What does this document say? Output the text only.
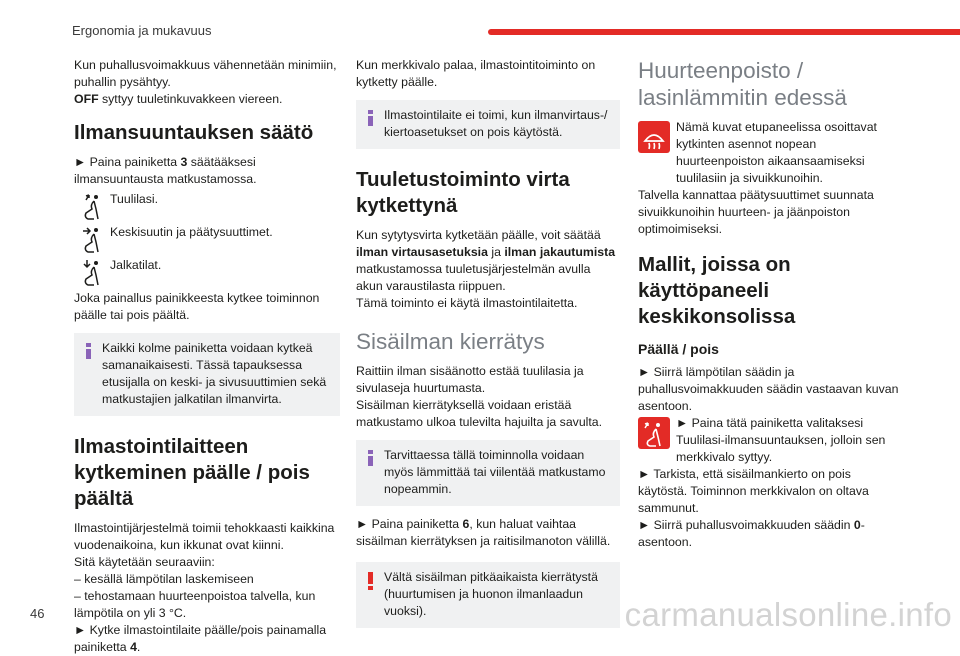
Ergonomia ja mukavuus

Kun puhallusvoimakkuus vähennetään minimiin, puhallin pysähtyy.

OFF syttyy tuuletinkuvakkeen viereen.

Ilmansuuntauksen säätö

► Paina painiketta 3 säätääksesi ilmansuuntausta matkustamossa.

Tuulilasi.
Keskisuutin ja päätysuuttimet.
Jalkatilat.

Joka painallus painikkeesta kytkee toiminnon päälle tai pois päältä.

Kaikki kolme painiketta voidaan kytkeä samanaikaisesti. Tässä tapauksessa etusijalla on keski- ja sivusuuttimien sekä matkustajien jalkatilan ilmanvirta.
Ilmastointilaitteen kytkeminen päälle / pois päältä

Ilmastointijärjestelmä toimii tehokkaasti kaikkina vuodenaikoina, kun ikkunat ovat kiinni.

Sitä käytetään seuraaviin:

– kesällä lämpötilan laskemiseen

– tehostamaan huurteenpoistoa talvella, kun lämpötila on yli 3 °C.

► Kytke ilmastointilaite päälle/pois painamalla painiketta 4.

Kun merkkivalo palaa, ilmastointitoiminto on kytketty päälle.

Ilmastointilaite ei toimi, kun ilmanvirtaus-/ kiertoasetukset on pois käytöstä.
Tuuletustoiminto virta kytkettynä

Kun sytytysvirta kytketään päälle, voit säätää ilman virtausasetuksia ja ilman jakautumista matkustamossa tuuletusjärjestelmän avulla akun varaustilasta riippuen.

Tämä toiminto ei käytä ilmastointilaitetta.

Sisäilman kierrätys

Raittiin ilman sisäänotto estää tuulilasia ja sivulaseja huurtumasta.

Sisäilman kierrätyksellä voidaan eristää matkustamo ulkoa tulevilta hajuilta ja savulta.

Tarvittaessa tällä toiminnolla voidaan myös lämmittää tai viilentää matkustamo nopeammin.

► Paina painiketta 6, kun haluat vaihtaa sisäilman kierrätyksen ja raitisilmanoton välillä.

Vältä sisäilman pitkäaikaista kierrätystä (huurtumisen ja huonon ilmanlaadun vuoksi).
Huurteenpoisto / lasinlämmitin edessä

Nämä kuvat etupaneelissa osoittavat kytkinten asennot nopean huurteenpoiston aikaansaamiseksi tuulilasiin ja sivuikkunoihin.

Talvella kannattaa päätysuuttimet suunnata sivuikkunoihin huurteen- ja jäänpoiston optimoimiseksi.

Mallit, joissa on käyttöpaneeli keskikonsolissa
Päällä / pois

► Siirrä lämpötilan säädin ja puhallusvoimakkuuden säädin vastaavan kuvan asentoon.

► Paina tätä painiketta valitaksesi Tuulilasi-ilmansuuntauksen, jolloin sen merkkivalo syttyy.

► Tarkista, että sisäilmankierto on pois käytöstä. Toiminnon merkkivalon on oltava sammunut.

► Siirrä puhallusvoimakkuuden säädin 0-asentoon.

46	carmanualsonline.info
